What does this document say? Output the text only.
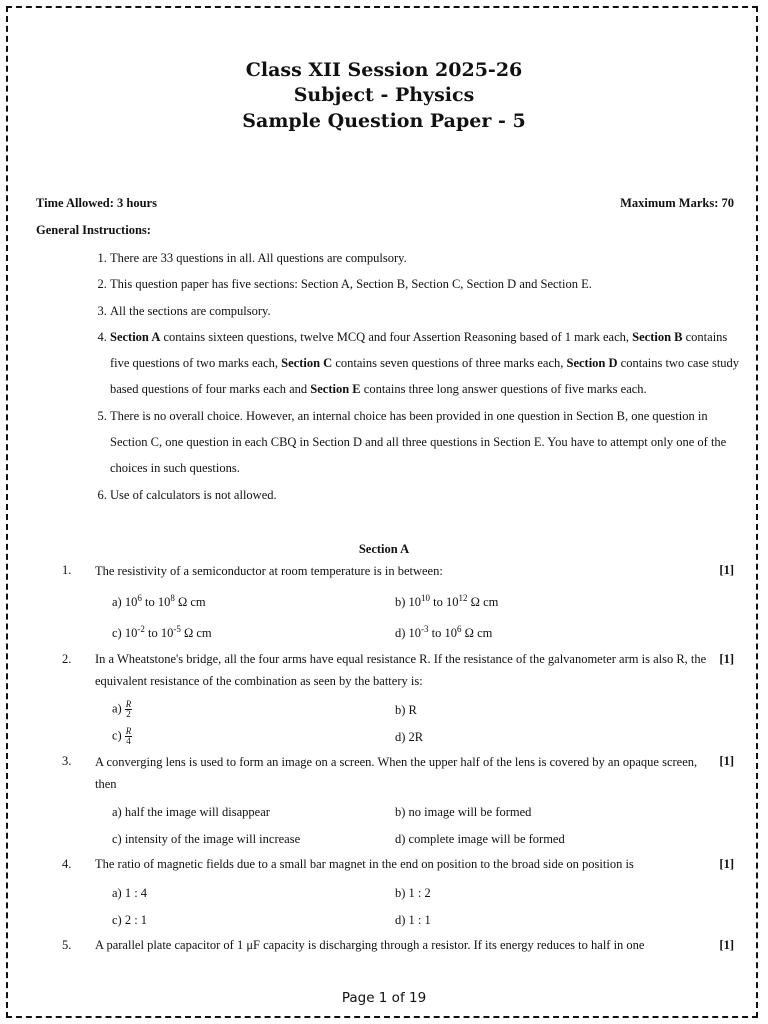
Class XII Session 2025-26
Subject - Physics
Sample Question Paper - 5
Time Allowed: 3 hours	Maximum Marks: 70
General Instructions:
1. There are 33 questions in all. All questions are compulsory.
2. This question paper has five sections: Section A, Section B, Section C, Section D and Section E.
3. All the sections are compulsory.
4. Section A contains sixteen questions, twelve MCQ and four Assertion Reasoning based of 1 mark each, Section B contains five questions of two marks each, Section C contains seven questions of three marks each, Section D contains two case study based questions of four marks each and Section E contains three long answer questions of five marks each.
5. There is no overall choice. However, an internal choice has been provided in one question in Section B, one question in Section C, one question in each CBQ in Section D and all three questions in Section E. You have to attempt only one of the choices in such questions.
6. Use of calculators is not allowed.
Section A
1. The resistivity of a semiconductor at room temperature is in between:	[1]
a) $10^6$ to $10^8$ Ω cm	b) $10^{10}$ to $10^{12}$ Ω cm
c) $10^{-2}$ to $10^{-5}$ Ω cm	d) $10^{-3}$ to $10^6$ Ω cm
2. In a Wheatstone's bridge, all the four arms have equal resistance R. If the resistance of the galvanometer arm is also R, the equivalent resistance of the combination as seen by the battery is:
[1]
$a) \frac{R}{2}$	b) R
$c) \frac{R}{4}$	d) 2R
3. A converging lens is used to form an image on a screen. When the upper half of the lens is covered by an opaque screen, then
[1]
a) half the image will disappear	b) no image will be formed
c) intensity of the image will increase	d) complete image will be formed
4. The ratio of magnetic fields due to a small bar magnet in the end on position to the broad side on position is	[1]
a) 1 : 4	b) 1 : 2
c) 2 : 1	d) 1 : 1
5. A parallel plate capacitor of 1 μF capacity is discharging through a resistor. If its energy reduces to half in one	[1]
Page 1 of 19
